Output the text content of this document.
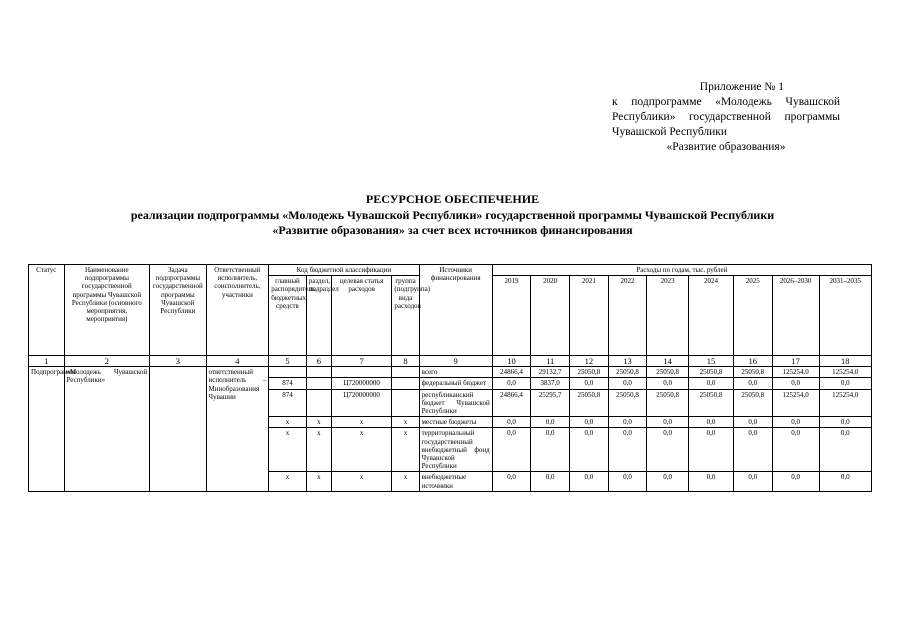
Приложение № 1
к подпрограмме «Молодежь Чувашской Республики» государственной программы Чувашской Республики
«Развитие образования»
РЕСУРСНОЕ ОБЕСПЕЧЕНИЕ
реализации подпрограммы «Молодежь Чувашской Республики» государственной программы Чувашской Республики
«Развитие образования» за счет всех источников финансирования
Статус	Наименование подпрограммы государственной программы Чувашской Республики (основного мероприятия, мероприятия)	Задача подпрограммы государственной программы Чувашской Республики	Ответственный исполнитель, соисполнитель, участники	Код бюджетной классификации				Источники финансирования	Расходы по годам, тыс. рублей								
				главный распорядитель бюджетных средств	раздел, подраздел	целевая статья расходов	группа (подгруппа) вида расходов		2019	2020	2021	2022	2023	2024	2025	2026–2030	2031–2035
1	2	3	4	5	6	7	8	9	10	11	12	13	14	15	16	17	18
Подпрограмма	«Молодежь Чувашской Республики»		ответственный исполнитель – Минобразования Чувашии					всего	24866,4	29132,7	25050,8	25050,8	25050,8	25050,8	25050,8	125254,0	125254,0
				874		Ц720000000		федеральный бюджет	0,0	3837,0	0,0	0,0	0,0	0,0	0,0	0,0	0,0
				874		Ц720000000		республиканский бюджет Чувашской Республики	24866,4	25295,7	25050,8	25050,8	25050,8	25050,8	25050,8	125254,0	125254,0
				x	x	x	x	местные бюджеты	0,0	0,0	0,0	0,0	0,0	0,0	0,0	0,0	0,0
				x	x	x	x	территориальный государственный внебюджетный фонд Чувашской Республики	0,0	0,0	0,0	0,0	0,0	0,0	0,0	0,0	0,0
				x	x	x	x	внебюджетные источники	0,0	0,0	0,0	0,0	0,0	0,0	0,0	0,0	0,0
